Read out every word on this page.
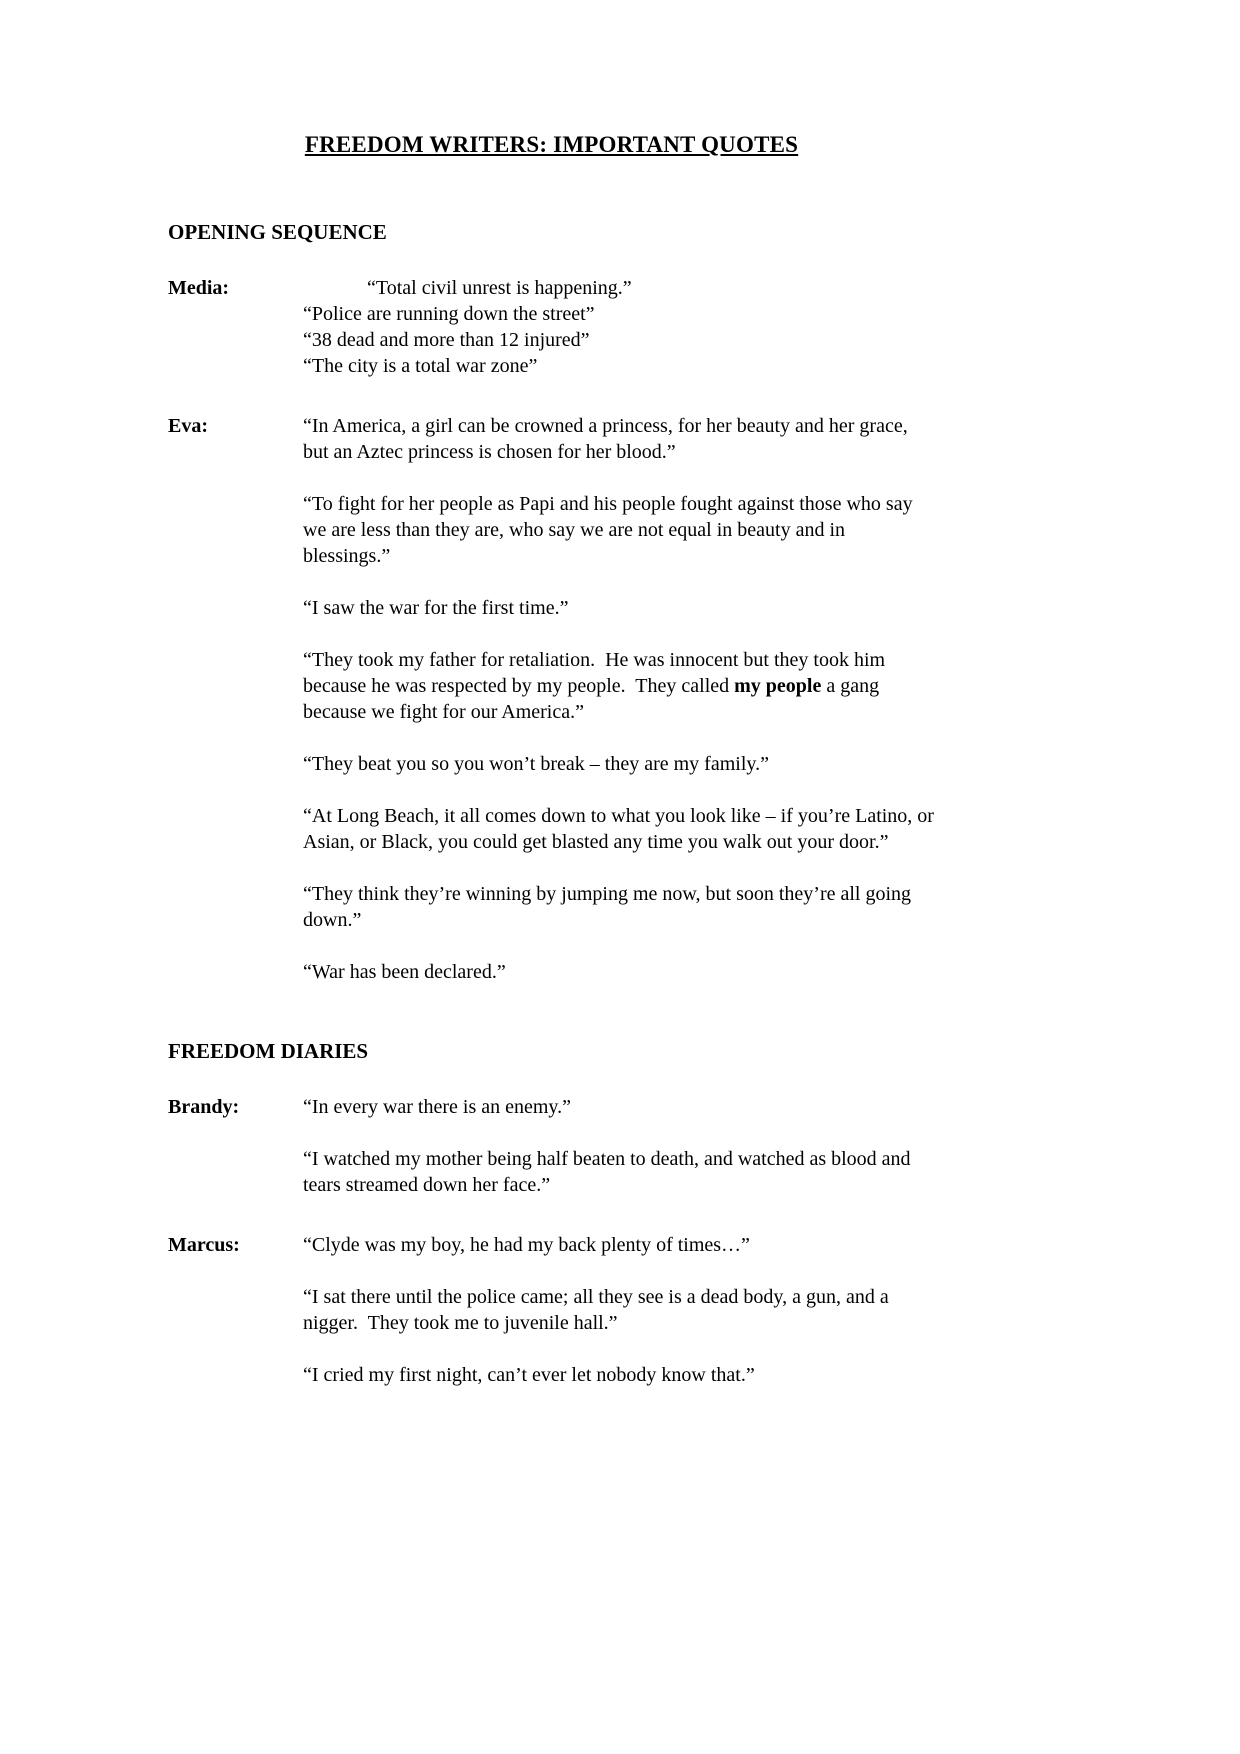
FREEDOM WRITERS: IMPORTANT QUOTES
OPENING SEQUENCE
Media:	“Total civil unrest is happening.”
“Police are running down the street”
“38 dead and more than 12 injured”
“The city is a total war zone”
Eva:	“In America, a girl can be crowned a princess, for her beauty and her grace, but an Aztec princess is chosen for her blood.”
“To fight for her people as Papi and his people fought against those who say we are less than they are, who say we are not equal in beauty and in blessings.”
“I saw the war for the first time.”
“They took my father for retaliation.  He was innocent but they took him because he was respected by my people.  They called my people a gang because we fight for our America.”
“They beat you so you won’t break – they are my family.”
“At Long Beach, it all comes down to what you look like – if you’re Latino, or Asian, or Black, you could get blasted any time you walk out your door.”
“They think they’re winning by jumping me now, but soon they’re all going down.”
“War has been declared.”
FREEDOM DIARIES
Brandy:	“In every war there is an enemy.”
“I watched my mother being half beaten to death, and watched as blood and tears streamed down her face.”
Marcus:	“Clyde was my boy, he had my back plenty of times…”
“I sat there until the police came; all they see is a dead body, a gun, and a nigger.  They took me to juvenile hall.”
“I cried my first night, can’t ever let nobody know that.”
